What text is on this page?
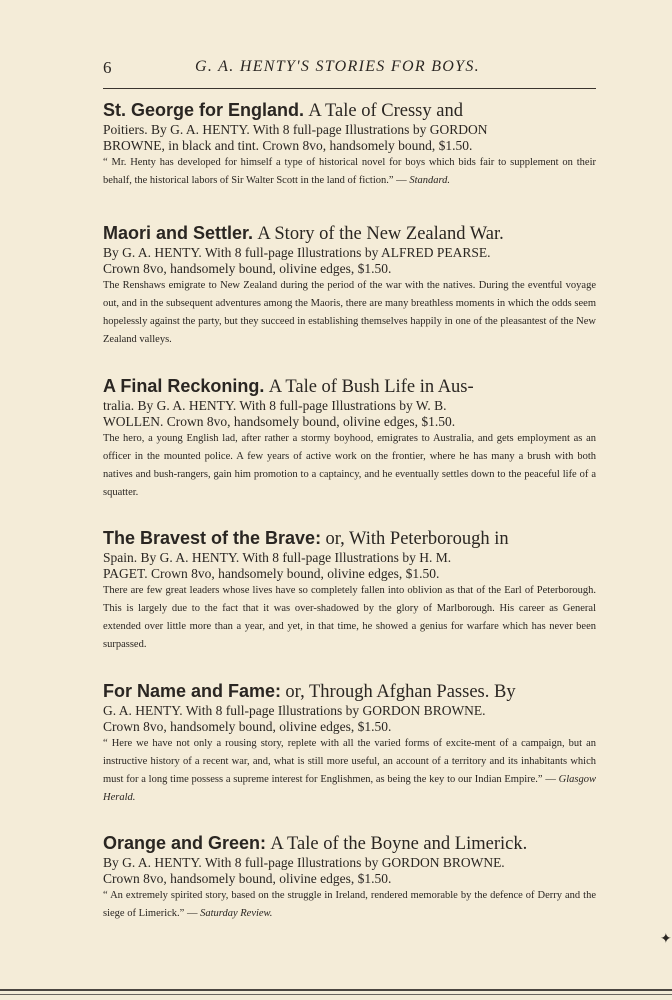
6	G. A. HENTY'S STORIES FOR BOYS.

St. George for England. A Tale of Cressy and

Poitiers. By G. A. HENTY. With 8 full-page Illustrations by GORDON

BROWNE, in black and tint. Crown 8vo, handsomely bound, $1.50.

“ Mr. Henty has developed for himself a type of historical novel for boys which bids fair to supplement on their behalf, the historical labors of Sir Walter Scott in the land of fiction.” — Standard.

Maori and Settler. A Story of the New Zealand War.

By G. A. HENTY. With 8 full-page Illustrations by ALFRED PEARSE.

Crown 8vo, handsomely bound, olivine edges, $1.50.

The Renshaws emigrate to New Zealand during the period of the war with the natives. During the eventful voyage out, and in the subsequent adventures among the Maoris, there are many breathless moments in which the odds seem hopelessly against the party, but they succeed in establishing themselves happily in one of the pleasantest of the New Zealand valleys.

A Final Reckoning. A Tale of Bush Life in Aus-

tralia. By G. A. HENTY. With 8 full-page Illustrations by W. B.

WOLLEN. Crown 8vo, handsomely bound, olivine edges, $1.50.

The hero, a young English lad, after rather a stormy boyhood, emigrates to Australia, and gets employment as an officer in the mounted police. A few years of active work on the frontier, where he has many a brush with both natives and bush-rangers, gain him promotion to a captaincy, and he eventually settles down to the peaceful life of a squatter.

The Bravest of the Brave: or, With Peterborough in

Spain. By G. A. HENTY. With 8 full-page Illustrations by H. M.

PAGET. Crown 8vo, handsomely bound, olivine edges, $1.50.

There are few great leaders whose lives have so completely fallen into oblivion as that of the Earl of Peterborough. This is largely due to the fact that it was over-shadowed by the glory of Marlborough. His career as General extended over little more than a year, and yet, in that time, he showed a genius for warfare which has never been surpassed.

For Name and Fame: or, Through Afghan Passes. By

G. A. HENTY. With 8 full-page Illustrations by GORDON BROWNE.

Crown 8vo, handsomely bound, olivine edges, $1.50.

“ Here we have not only a rousing story, replete with all the varied forms of excite-ment of a campaign, but an instructive history of a recent war, and, what is still more useful, an account of a territory and its inhabitants which must for a long time possess a supreme interest for Englishmen, as being the key to our Indian Empire.” — Glasgow Herald.

Orange and Green: A Tale of the Boyne and Limerick.

By G. A. HENTY. With 8 full-page Illustrations by GORDON BROWNE.

Crown 8vo, handsomely bound, olivine edges, $1.50.

“ An extremely spirited story, based on the struggle in Ireland, rendered memorable by the defence of Derry and the siege of Limerick.” — Saturday Review.

✦
